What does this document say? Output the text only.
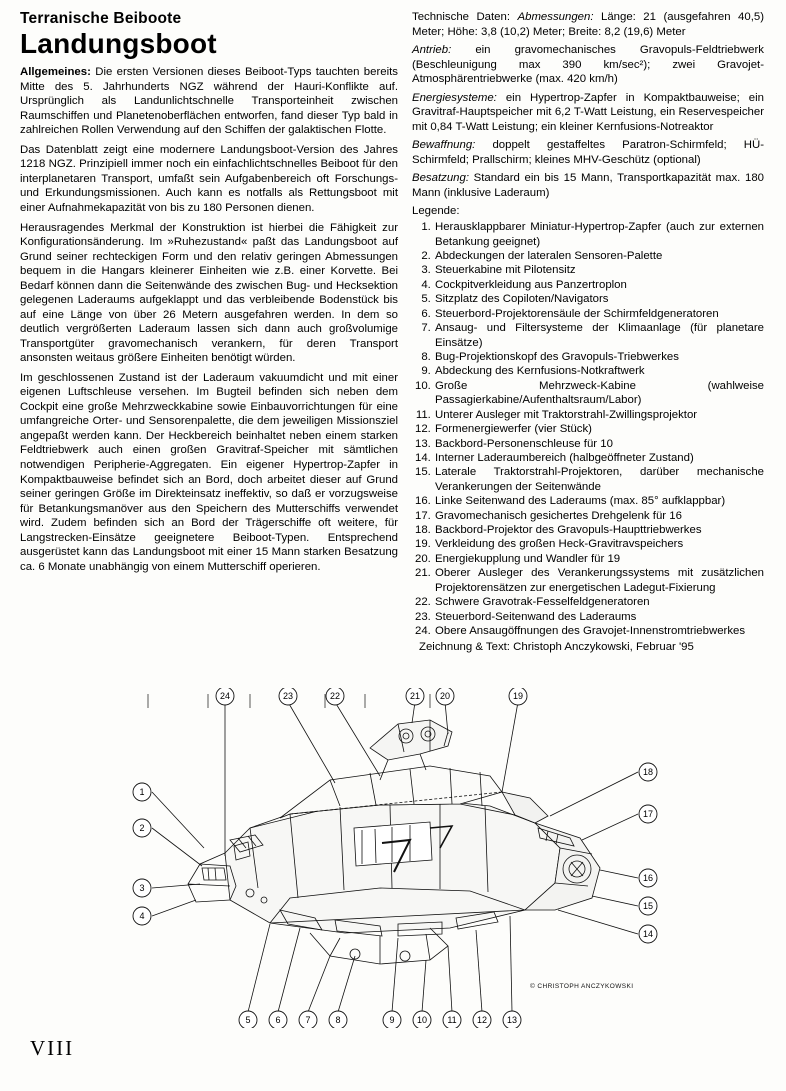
Terranische Beiboote
Landungsboot

Allgemeines: Die ersten Versionen dieses Beiboot-Typs tauchten bereits Mitte des 5. Jahrhunderts NGZ während der Hauri-Konflikte auf. Ursprünglich als Landunlichtschnelle Transporteinheit zwischen Raumschiffen und Planetenoberflächen entworfen, fand dieser Typ bald in zahlreichen Rollen Verwendung auf den Schiffen der galaktischen Flotte.

Das Datenblatt zeigt eine modernere Landungsboot-Version des Jahres 1218 NGZ. Prinzipiell immer noch ein einfachlichtschnelles Beiboot für den interplanetaren Transport, umfaßt sein Aufgabenbereich oft Forschungs- und Erkundungsmissionen. Auch kann es notfalls als Rettungsboot mit einer Aufnahmekapazität von bis zu 180 Personen dienen.

Herausragendes Merkmal der Konstruktion ist hierbei die Fähigkeit zur Konfigurationsänderung. Im »Ruhezustand« paßt das Landungsboot auf Grund seiner rechteckigen Form und den relativ geringen Abmessungen bequem in die Hangars kleinerer Einheiten wie z.B. einer Korvette. Bei Bedarf können dann die Seitenwände des zwischen Bug- und Hecksektion gelegenen Laderaums aufgeklappt und das verbleibende Bodenstück bis auf eine Länge von über 26 Metern ausgefahren werden. In dem so deutlich vergrößerten Laderaum lassen sich dann auch großvolumige Transportgüter gravomechanisch verankern, für deren Transport ansonsten weitaus größere Einheiten benötigt würden.

Im geschlossenen Zustand ist der Laderaum vakuumdicht und mit einer eigenen Luftschleuse versehen. Im Bugteil befinden sich neben dem Cockpit eine große Mehrzweckkabine sowie Einbauvorrichtungen für eine umfangreiche Orter- und Sensorenpalette, die dem jeweiligen Missionsziel angepaßt werden kann. Der Heckbereich beinhaltet neben einem starken Feldtriebwerk auch einen großen Gravitraf-Speicher mit sämtlichen notwendigen Peripherie-Aggregaten. Ein eigener Hypertrop-Zapfer in Kompaktbauweise befindet sich an Bord, doch arbeitet dieser auf Grund seiner geringen Größe im Direkteinsatz ineffektiv, so daß er vorzugsweise für Betankungsmanöver aus den Speichern des Mutterschiffs verwendet wird. Zudem befinden sich an Bord der Trägerschiffe oft weitere, für Langstrecken-Einsätze geeignetere Beiboot-Typen. Entsprechend ausgerüstet kann das Landungsboot mit einer 15 Mann starken Besatzung ca. 6 Monate unabhängig von einem Mutterschiff operieren.

Technische Daten: Abmessungen: Länge: 21 (ausgefahren 40,5) Meter; Höhe: 3,8 (10,2) Meter; Breite: 8,2 (19,6) Meter

Antrieb: ein gravomechanisches Gravopuls-Feldtriebwerk (Beschleunigung max 390 km/sec²); zwei Gravojet-Atmosphärentriebwerke (max. 420 km/h)

Energiesysteme: ein Hypertrop-Zapfer in Kompaktbauweise; ein Gravitraf-Hauptspeicher mit 6,2 T-Watt Leistung, ein Reservespeicher mit 0,84 T-Watt Leistung; ein kleiner Kernfusions-Notreaktor

Bewaffnung: doppelt gestaffeltes Paratron-Schirmfeld; HÜ-Schirmfeld; Prallschirm; kleines MHV-Geschütz (optional)

Besatzung: Standard ein bis 15 Mann, Transportkapazität max. 180 Mann (inklusive Laderaum)

Legende:
1. Herausklappbarer Miniatur-Hypertrop-Zapfer (auch zur externen Betankung geeignet)
2. Abdeckungen der lateralen Sensoren-Palette
3. Steuerkabine mit Pilotensitz
4. Cockpitverkleidung aus Panzertroplon
5. Sitzplatz des Copiloten/Navigators
6. Steuerbord-Projektorensäule der Schirmfeldgeneratoren
7. Ansaug- und Filtersysteme der Klimaanlage (für planetare Einsätze)
8. Bug-Projektionskopf des Gravopuls-Triebwerkes
9. Abdeckung des Kernfusions-Notkraftwerk
10. Große Mehrzweck-Kabine (wahlweise Passagierkabine/Aufenthaltsraum/Labor)
11. Unterer Ausleger mit Traktorstrahl-Zwillingsprojektor
12. Formenergiewerfer (vier Stück)
13. Backbord-Personenschleuse für 10
14. Interner Laderaumbereich (halbgeöffneter Zustand)
15. Laterale Traktorstrahl-Projektoren, darüber mechanische Verankerungen der Seitenwände
16. Linke Seitenwand des Laderaums (max. 85° aufklappbar)
17. Gravomechanisch gesichertes Drehgelenk für 16
18. Backbord-Projektor des Gravopuls-Haupttriebwerkes
19. Verkleidung des großen Heck-Gravitravspeichers
20. Energiekupplung und Wandler für 19
21. Oberer Ausleger des Verankerungssystems mit zusätzlichen Projektorensätzen zur energetischen Ladegut-Fixierung
22. Schwere Gravotrak-Fesselfeldgeneratoren
23. Steuerbord-Seitenwand des Laderaums
24. Obere Ansaugöffnungen des Gravojet-Innenstromtriebwerkes
Zeichnung & Text: Christoph Anczykowski, Februar '95
24	23	22	21 20	19
1
2
3
4
18
17
16
15
14
5	6	7	8	9 10 11 12 13
© CHRISTOPH ANCZYKOWSKI
VIII
